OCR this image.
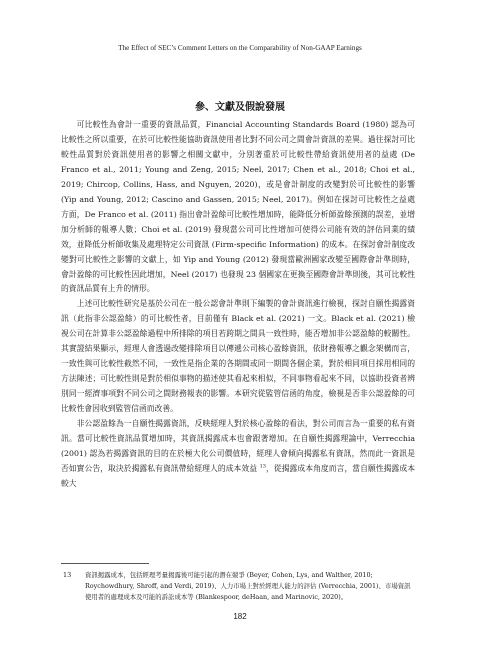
The Effect of SEC’s Comment Letters on the Comparability of Non-GAAP Earnings
參、文獻及假說發展

可比較性為會計一重要的資訊品質，Financial Accounting Standards Board (1980) 認為可比較性之所以重要，在於可比較性能協助資訊使用者比對不同公司之間會計資訊的差異。過往探討可比較性品質對於資訊使用者的影響之相關文獻中，分別著重於可比較性帶給資訊使用者的益處 (De Franco et al., 2011; Young and Zeng, 2015; Neel, 2017; Chen et al., 2018; Choi et al., 2019; Chircop, Collins, Hass, and Nguyen, 2020)，或是會計制度的改變對於可比較性的影響 (Yip and Young, 2012; Cascino and Gassen, 2015; Neel, 2017)。例如在探討可比較性之益處方面，De Franco et al. (2011) 指出會計盈餘可比較性增加時，能降低分析師盈餘預測的誤差，並增加分析師的報導人數；Choi et al. (2019) 發現當公司可比性增加可使得公司能有效的評估同業的績效，並降低分析師收集及處理特定公司資訊 (Firm-specific Information) 的成本。在探討會計制度改變對可比較性之影響的文獻上，如 Yip and Young (2012) 發現當歐洲國家改變至國際會計準則時，會計盈餘的可比較性因此增加，Neel (2017) 也發現 23 個國家在更換至國際會計準則後，其可比較性的資訊品質有上升的情形。

上述可比較性研究是基於公司在一般公認會計準則下編製的會計資訊進行檢視，探討自願性揭露資訊（此指非公認盈餘）的可比較性者，目前僅有 Black et al. (2021) 一文。Black et al. (2021) 檢視公司在計算非公認盈餘過程中所排除的項目若跨期之間具一致性時，能否增加非公認盈餘的較關性。其實證結果顯示，經理人會透過改變排除項目以傳遞公司核心盈餘資訊，依財務報導之觀念架構而言，一致性與可比較性截然不同，一致性是指企業的各期間或同一期間各個企業，對於相同項目採用相同的方法陳述；可比較性則是對於相似事物的描述使其看起來相似，不同事物看起來不同，以協助投資者辨別同一經濟事項對不同公司之間財務報表的影響。本研究從監管信函的角度，檢視是否非公認盈餘的可比較性會因收到監管信函而改善。

非公認盈餘為一自願性揭露資訊，反映經理人對於核心盈餘的看法，對公司而言為一重要的私有資訊。當可比較性資訊品質增加時，其資訊揭露成本也會跟著增加。在自願性揭露理論中，Verrecchia (2001) 認為若揭露資訊的目的在於極大化公司價值時，經理人會傾向揭露私有資訊，然而此一資訊是否如實公告，取決於揭露私有資訊帶給經理人的成本效益 $^{13}$，從揭露成本角度而言，當自願性揭露成本較大

13 資訊揭露成本，包括經理考量揭露後可能引起的潛在競爭 (Beyer, Cohen, Lys, and Walther, 2010; Roychowdhury, Shroff, and Verdi, 2019)、人力市場上對於經理人能力的評估 (Verrecchia, 2001)、市場資訊使用者的處理成本及可能的訴訟成本等 (Blankespoor, deHaan, and Marinovic, 2020)。
182
